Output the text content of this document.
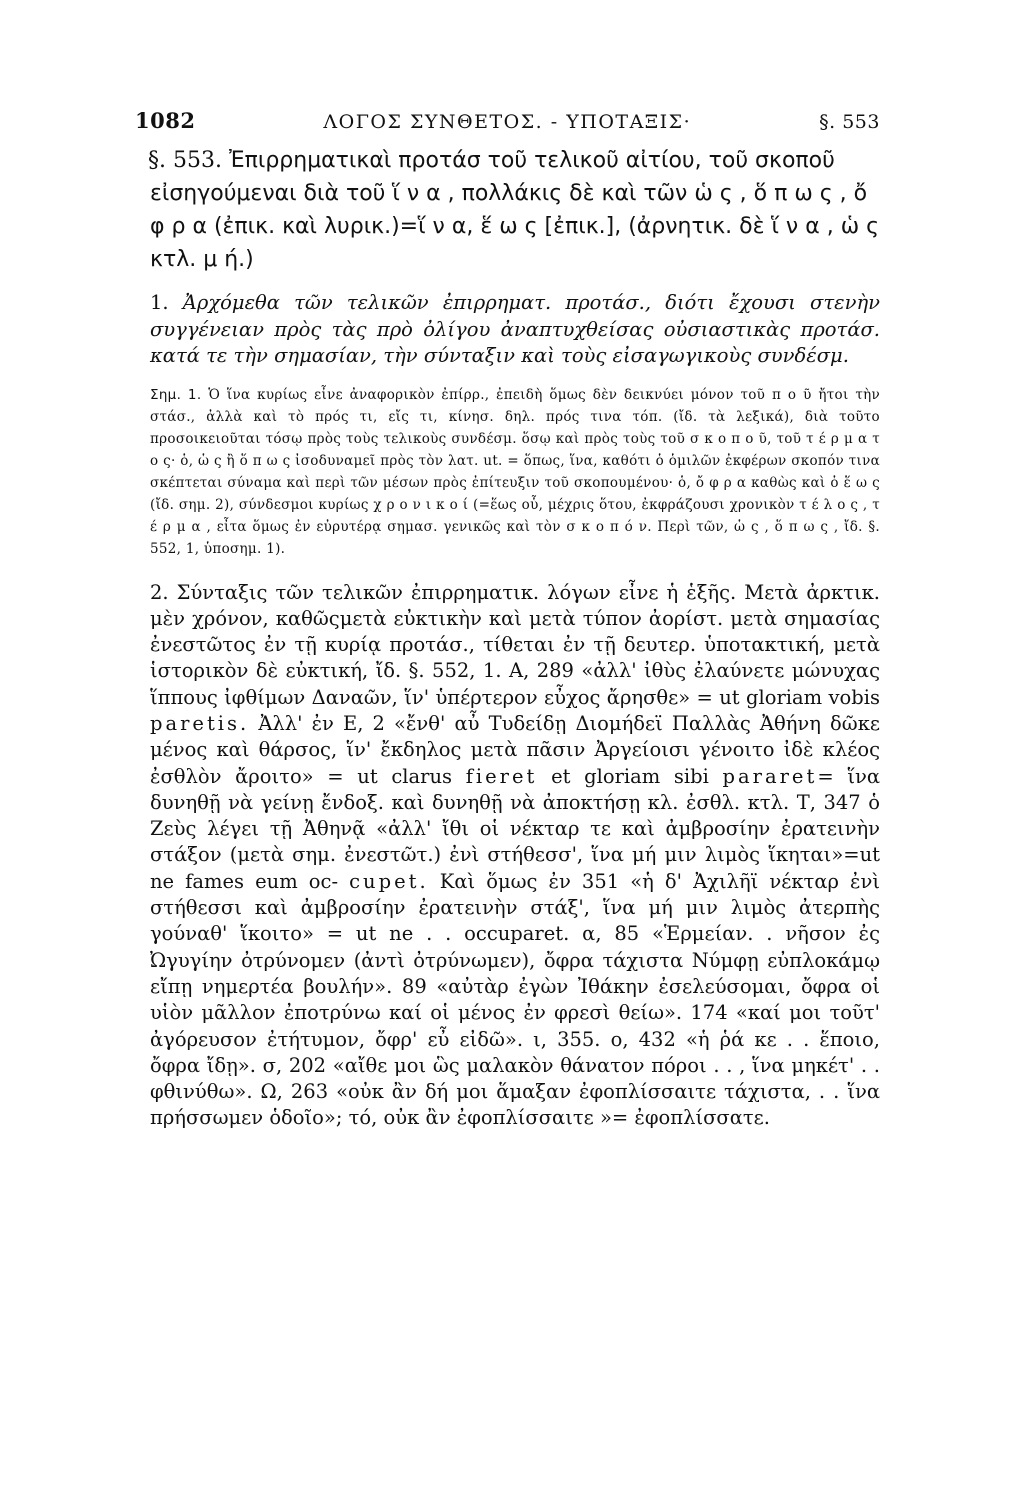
1082	ΛΟΓΟΣ ΣΥΝΘΕΤΟΣ. - ΥΠΟΤΑΞΙΣ·	§. 553
§. 553. Ἐπιρρηματικαὶ προτάσ τοῦ τελικοῦ αἰτίου, τοῦ σκοποῦ εἰσηγούμεναι διὰ τοῦ ἵ ν α , πολλάκις δὲ καὶ τῶν ὡ ς , ὅ π ω ς , ὄ φ ρ α (ἐπικ. καὶ λυρικ.)=ἵ ν α, ἕ ω ς [ἐπικ.], (ἀρνητικ. δὲ ἵ ν α , ὡ ς κτλ. μ ή.)
1. Ἀρχόμεθα τῶν τελικῶν ἐπιρρηματ. προτάσ., διότι ἔχουσι στενὴν συγγένειαν πρὸς τὰς πρὸ ὀλίγου ἀναπτυχθείσας οὐσιαστικὰς προτάσ. κατά τε τὴν σημασίαν, τὴν σύνταξιν καὶ τοὺς εἰσαγωγικοὺς συνδέσμ.
Σημ. 1. Ὁ ἵνα κυρίως εἶνε ἀναφορικὸν ἐπίρρ., ἐπειδὴ ὅμως δὲν δεικνύει μόνον τοῦ π ο ῦ ἤτοι τὴν στάσ., ἀλλὰ καὶ τὸ πρός τι, εἴς τι, κίνησ. δηλ. πρός τινα τόπ. (ἴδ. τὰ λεξικά), διὰ τοῦτο προσοικειοῦται τόσῳ πρὸς τοὺς τελικοὺς συνδέσμ. ὅσῳ καὶ πρὸς τοὺς τοῦ σ κ ο π ο ῦ, τοῦ τ έ ρ μ α τ ο ς· ὁ, ὡ ς ἢ ὅ π ω ς ἰσοδυναμεῖ πρὸς τὸν λατ. ut. = ὅπως, ἵνα, καθότι ὁ ὁμιλῶν ἐκφέρων σκοπόν τινα σκέπτεται σύναμα καὶ περὶ τῶν μέσων πρὸς ἐπίτευξιν τοῦ σκοπουμένου· ὁ, ὄ φ ρ α καθὼς καὶ ὁ ἕ ω ς (ἴδ. σημ. 2), σύνδεσμοι κυρίως χ ρ ο ν ι κ ο ί (=ἕως οὗ, μέχρις ὅτου, ἐκφράζουσι χρονικὸν τ έ λ ο ς , τ έ ρ μ α , εἶτα ὅμως ἐν εὐρυτέρᾳ σημασ. γενικῶς καὶ τὸν σ κ ο π ό ν. Περὶ τῶν, ὡ ς , ὅ π ω ς , ἴδ. §. 552, 1, ὑποσημ. 1).
2. Σύνταξις τῶν τελικῶν ἐπιρρηματικ. λόγων εἶνε ἡ ἑξῆς. Μετὰ ἀρκτικ. μὲν χρόνον, καθῶςμετὰ εὐκτικὴν καὶ μετὰ τύπον ἀορίστ. μετὰ σημασίας ἐνεστῶτος ἐν τῇ κυρίᾳ προτάσ., τίθεται ἐν τῇ δευτερ. ὑποτακτική, μετὰ ἱστορικὸν δὲ εὐκτική, ἴδ. §. 552, 1. Α, 289 «ἀλλ' ἰθὺς ἐλαύνετε μώνυχας ἵππους ἰφθίμων Δαναῶν, ἵν' ὑπέρτερον εὖχος ἄρησθε» = ut gloriam vobis paretis. Ἀλλ' ἐν Ε, 2 «ἔνθ' αὖ Τυδείδῃ Διομήδεϊ Παλλὰς Ἀθήνη δῶκε μένος καὶ θάρσος, ἵν' ἔκδηλος μετὰ πᾶσιν Ἀργείοισι γένοιτο ἰδὲ κλέος ἐσθλὸν ἄροιτο» = ut clarus fieret et gloriam sibi pararet= ἵνα δυνηθῇ νὰ γείνῃ ἔνδοξ. καὶ δυνηθῇ νὰ ἀποκτήσῃ κλ. ἐσθλ. κτλ. Τ, 347 ὁ Ζεὺς λέγει τῇ Ἀθηνᾷ «ἀλλ' ἴθι οἱ νέκταρ τε καὶ ἀμβροσίην ἐρατεινὴν στάξον (μετὰ σημ. ἐνεστῶτ.) ἐνὶ στήθεσσ', ἵνα μή μιν λιμὸς ἵκηται»=ut ne fames eum oc- cupet. Καὶ ὅμως ἐν 351 «ἡ δ' Ἀχιλῆϊ νέκταρ ἐνὶ στήθεσσι καὶ ἀμβροσίην ἐρατεινὴν στάξ', ἵνα μή μιν λιμὸς ἀτερπὴς γούναθ' ἵκοιτο» = ut ne . . occuparet. α, 85 «Ἑρμείαν. . νῆσον ἐς Ὠγυγίην ὀτρύνομεν (ἀντὶ ὀτρύνωμεν), ὄφρα τάχιστα Νύμφῃ εὐπλοκάμῳ εἴπῃ νημερτέα βουλήν». 89 «αὐτὰρ ἐγὼν Ἰθάκην ἐσελεύσομαι, ὄφρα οἱ υἱὸν μᾶλλον ἐποτρύνω καί οἱ μένος ἐν φρεσὶ θείω». 174 «καί μοι τοῦτ' ἀγόρευσον ἐτήτυμον, ὄφρ' εὖ εἰδῶ». ι, 355. ο, 432 «ἡ ῥά κε . . ἕποιο, ὄφρα ἴδῃ». σ, 202 «αἴθε μοι ὣς μαλακὸν θάνατον πόροι . . , ἵνα μηκέτ' . . φθινύθω». Ω, 263 «οὐκ ἂν δή μοι ἅμαξαν ἐφοπλίσσαιτε τάχιστα, . . ἵνα πρήσσωμεν ὁδοῖο»; τό, οὐκ ἂν ἐφοπλίσσαιτε »= ἐφοπλίσσατε.
